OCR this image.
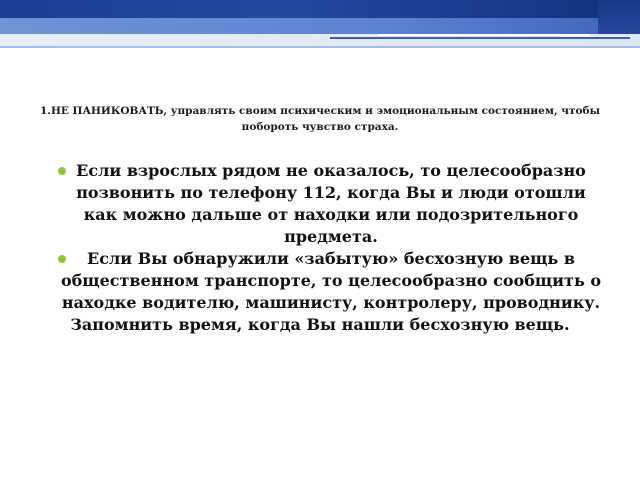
1.НЕ ПАНИКОВАТЬ, управлять своим психическим и эмоциональным состоянием, чтобы побороть чувство страха.
Если взрослых рядом не оказалось, то целесообразно позвонить по телефону 112, когда Вы и люди отошли как можно дальше от находки или подозрительного предмета.
Если Вы обнаружили «забытую» бесхозную вещь в общественном транспорте, то целесообразно сообщить о находке водителю, машинисту, контролеру, проводнику.

Запомнить время, когда Вы нашли бесхозную вещь.
